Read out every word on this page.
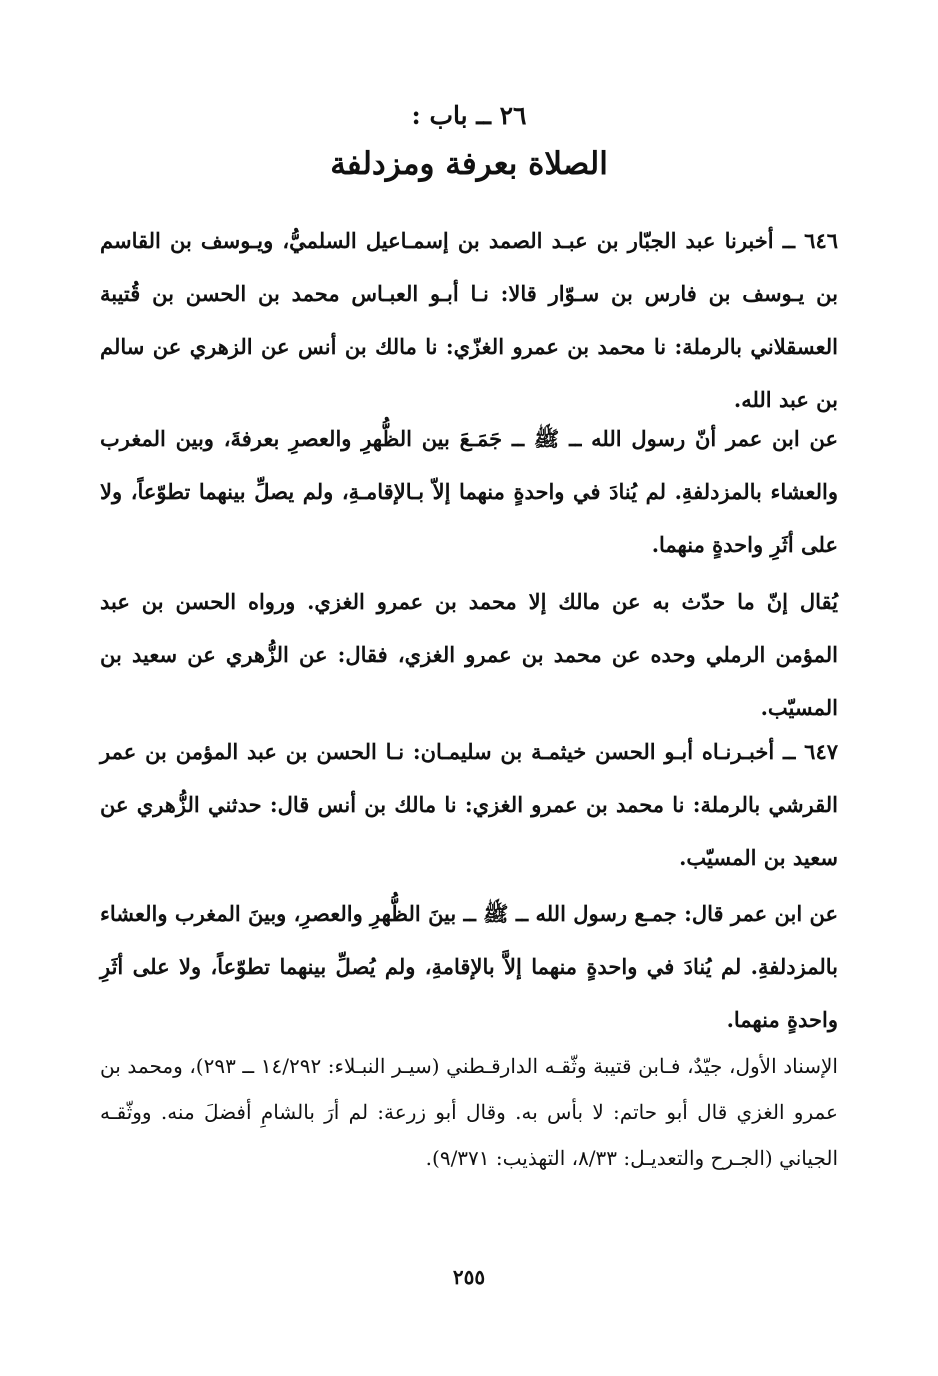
٢٦ ــ باب :
الصلاة بعرفة ومزدلفة
٦٤٦ ــ أخبرنا عبد الجبّار بن عبـد الصمد بن إسمـاعيل السلميُّ، ويـوسف بن القاسم بن يـوسف بن فارس بن سـوّار قالا: نـا أبـو العبـاس محمد بن الحسن بن قُتيبة العسقلاني بالرملة: نا محمد بن عمرو الغزّي: نا مالك بن أنس عن الزهري عن سالم بن عبد الله.
عن ابن عمر أنّ رسول الله ــ ﷺ ــ جَمَـعَ بين الظُّهرِ والعصرِ بعرفةَ، وبين المغرب والعشاء بالمزدلفةِ. لم يُنادَ في واحدةٍ منهما إلاّ بـالإقامـةِ، ولم يصلِّ بينهما تطوّعاً، ولا على أثَرِ واحدةٍ منهما.
يُقال إنّ ما حدّث به عن مالك إلا محمد بن عمرو الغزي. ورواه الحسن بن عبد المؤمن الرملي وحده عن محمد بن عمرو الغزي، فقال: عن الزُّهري عن سعيد بن المسيّب.
٦٤٧ ــ أخبـرنـاه أبـو الحسن خيثمـة بن سليمـان: نـا الحسن بن عبد المؤمن بن عمر القرشي بالرملة: نا محمد بن عمرو الغزي: نا مالك بن أنس قال: حدثني الزُّهري عن سعيد بن المسيّب.
عن ابن عمر قال: جمـع رسول الله ــ ﷺ ــ بينَ الظُّهرِ والعصرِ، وبينَ المغرب والعشاء بالمزدلفةِ. لم يُنادَ في واحدةٍ منهما إلاَّ بالإقامةِ، ولم يُصلِّ بينهما تطوّعاً، ولا على أثَرِ واحدةٍ منهما.
الإسناد الأول، جيّدٌ، فـابن قتيبة وثّقـه الدارقـطني (سيـر النبـلاء: ١٤/٢٩٢ ــ ٢٩٣)، ومحمد بن عمرو الغزي قال أبو حاتم: لا بأس به. وقال أبو زرعة: لم أرَ بالشامِ أفضلَ منه. ووثّقـه الجياني (الجـرح والتعديـل: ٨/٣٣، التهذيب: ٩/٣٧١).
٢٥٥
